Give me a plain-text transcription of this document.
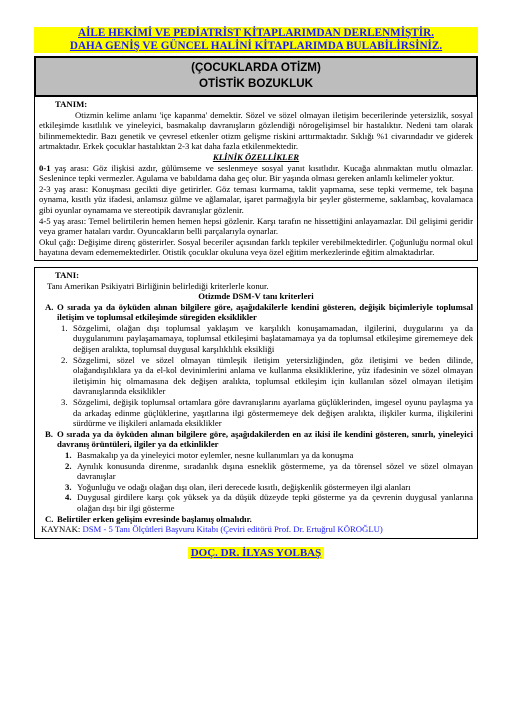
AİLE HEKİMİ VE PEDİATRİST KİTAPLARIMDAN DERLENMİŞTİR.
DAHA GENİŞ VE GÜNCEL HALİNİ KİTAPLARIMDA BULABİLİRSİNİZ.
(ÇOCUKLARDA OTİZM)
OTİSTİK BOZUKLUK
TANIM:
Otizmin kelime anlamı 'içe kapanma' demektir. Sözel ve sözel olmayan iletişim becerilerinde yetersizlik, sosyal etkileşimde kısıtlılık ve yineleyici, basmakalıp davranışların gözlendiği nörogelişimsel bir hastalıktır. Nedeni tam olarak bilinmemektedir. Bazı genetik ve çevresel etkenler otizm gelişme riskini arttırmaktadır. Sıklığı %1 civarındadır ve giderek artmaktadır. Erkek çocuklar hastalıktan 2-3 kat daha fazla etkilenmektedir.
KLİNİK ÖZELLİKLER
0-1 yaş arası: Göz ilişkisi azdır, gülümseme ve seslenmeye sosyal yanıt kısıtlıdır. Kucağa alınmaktan mutlu olmazlar. Seslenince tepki vermezler. Agulama ve babıldama daha geç olur. Bir yaşında olması gereken anlamlı kelimeler yoktur.
2-3 yaş arası: Konuşması gecikti diye getirirler. Göz teması kurmama, taklit yapmama, sese tepki vermeme, tek başına oynama, kısıtlı yüz ifadesi, anlamsız gülme ve ağlamalar, işaret parmağıyla bir şeyler göstermeme, saklambaç, kovalamaca gibi oyunlar oynamama ve stereotipik davranışlar gözlenir.
4-5 yaş arası: Temel belirtilerin hemen hemen hepsi gözlenir. Karşı tarafın ne hissettiğini anlayamazlar. Dil gelişimi geridir veya gramer hataları vardır. Oyuncakların belli parçalarıyla oynarlar.
Okul çağı: Değişime direnç gösterirler. Sosyal beceriler açısından farklı tepkiler verebilmektedirler. Çoğunluğu normal okul hayatına devam edememektedirler. Otistik çocuklar okuluna veya özel eğitim merkezlerinde eğitim almaktadırlar.
TANI:
Tanı Amerikan Psikiyatri Birliğinin belirlediği kriterlerle konur.
Otizmde DSM-V tanı kriterleri
A. O sırada ya da öyküden alınan bilgilere göre, aşağıdakilerle kendini gösteren, değişik biçimleriyle toplumsal iletişim ve toplumsal etkileşimde süregiden eksiklikler
1. Sözgelimi, olağan dışı toplumsal yaklaşım ve karşılıklı konuşamamadan, ilgilerini, duygularını ya da duygulanımını paylaşamamaya, toplumsal etkileşimi başlatamamaya ya da toplumsal etkileşime girememeye dek değişen aralıkta, toplumsal duygusal karşılıklılık eksikliği
2. Sözgelimi, sözel ve sözel olmayan tümleşik iletişim yetersizliğinden, göz iletişimi ve beden dilinde, olağandışılıklara ya da el-kol devinimlerini anlama ve kullanma eksikliklerine, yüz ifadesinin ve sözel olmayan iletişimin hiç olmamasına dek değişen aralıkta, toplumsal etkileşim için kullanılan sözel olmayan iletişim davranışlarında eksiklikler
3. Sözgelimi, değişik toplumsal ortamlara göre davranışlarını ayarlama güçlüklerinden, imgesel oyunu paylaşma ya da arkadaş edinme güçlüklerine, yaşıtlarına ilgi göstermemeye dek değişen aralıkta, ilişkiler kurma, ilişkilerini sürdürme ve ilişkileri anlamada eksiklikler
B. O sırada ya da öyküden alınan bilgilere göre, aşağıdakilerden en az ikisi ile kendini gösteren, sınırlı, yineleyici davranış örüntüleri, ilgiler ya da etkinlikler
1. Basmakalıp ya da yineleyici motor eylemler, nesne kullanımları ya da konuşma
2. Aynılık konusunda direnme, sıradanlık dışına esneklik göstermeme, ya da törensel sözel ve sözel olmayan davranışlar
3. Yoğunluğu ve odağı olağan dışı olan, ileri derecede kısıtlı, değişkenlik göstermeyen ilgi alanları
4. Duygusal girdilere karşı çok yüksek ya da düşük düzeyde tepki gösterme ya da çevrenin duygusal yanlarına olağan dışı bir ilgi gösterme
C. Belirtiler erken gelişim evresinde başlamış olmalıdır.
KAYNAK: DSM - 5 Tanı Ölçütleri Başvuru Kitabı (Çeviri editörü Prof. Dr. Ertuğrul KÖROĞLU)
DOÇ. DR. İLYAS YOLBAŞ
